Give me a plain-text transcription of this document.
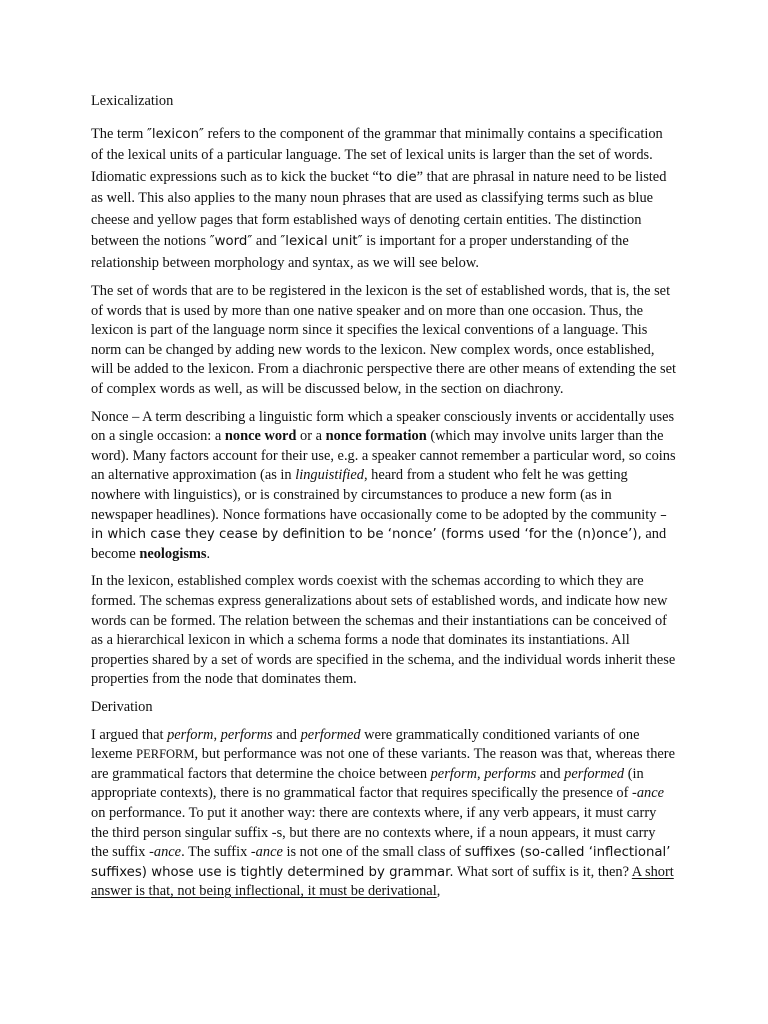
Lexicalization

The term ″lexicon″ refers to the component of the grammar that minimally contains a specification of the lexical units of a particular language. The set of lexical units is larger than the set of words. Idiomatic expressions such as to kick the bucket “to die” that are phrasal in nature need to be listed as well. This also applies to the many noun phrases that are used as classifying terms such as blue cheese and yellow pages that form established ways of denoting certain entities. The distinction between the notions ″word″ and ″lexical unit″ is important for a proper understanding of the relationship between morphology and syntax, as we will see below.

The set of words that are to be registered in the lexicon is the set of established words, that is, the set of words that is used by more than one native speaker and on more than one occasion. Thus, the lexicon is part of the language norm since it specifies the lexical conventions of a language. This norm can be changed by adding new words to the lexicon. New complex words, once established, will be added to the lexicon. From a diachronic perspective there are other means of extending the set of complex words as well, as will be discussed below, in the section on diachrony.

Nonce – A term describing a linguistic form which a speaker consciously invents or accidentally uses on a single occasion: a nonce word or a nonce formation (which may involve units larger than the word). Many factors account for their use, e.g. a speaker cannot remember a particular word, so coins an alternative approximation (as in linguistified, heard from a student who felt he was getting nowhere with linguistics), or is constrained by circumstances to produce a new form (as in newspaper headlines). Nonce formations have occasionally come to be adopted by the community – in which case they cease by definition to be ‘nonce’ (forms used ‘for the (n)once’), and become neologisms.

In the lexicon, established complex words coexist with the schemas according to which they are formed. The schemas express generalizations about sets of established words, and indicate how new words can be formed. The relation between the schemas and their instantiations can be conceived of as a hierarchical lexicon in which a schema forms a node that dominates its instantiations. All properties shared by a set of words are specified in the schema, and the individual words inherit these properties from the node that dominates them.

Derivation

I argued that perform, performs and performed were grammatically conditioned variants of one lexeme PERFORM, but performance was not one of these variants. The reason was that, whereas there are grammatical factors that determine the choice between perform, performs and performed (in appropriate contexts), there is no grammatical factor that requires specifically the presence of -ance on performance. To put it another way: there are contexts where, if any verb appears, it must carry the third person singular suffix -s, but there are no contexts where, if a noun appears, it must carry the suffix -ance. The suffix -ance is not one of the small class of suffixes (so-called ‘inflectional’ suffixes) whose use is tightly determined by grammar. What sort of suffix is it, then? A short answer is that, not being inflectional, it must be derivational,
